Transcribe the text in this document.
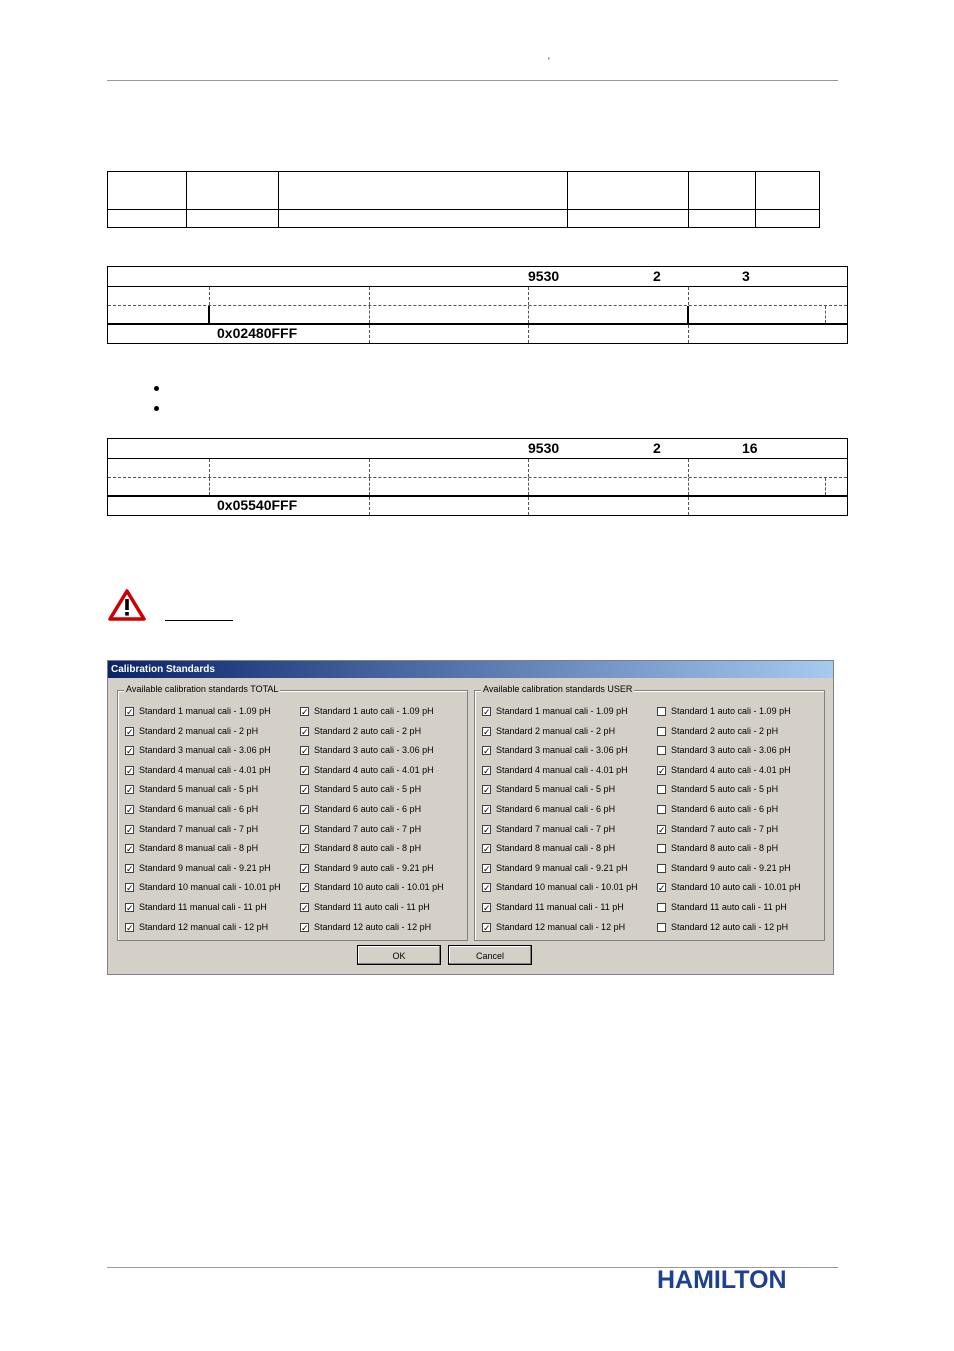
'

9530	2	3
0x02480FFF
9530	2	16
0x05540FFF
Calibration Standards
Available calibration standards TOTAL
✓ Standard 1 manual cali - 1.09 pH
✓ Standard 2 manual cali - 2 pH
✓ Standard 3 manual cali - 3.06 pH
✓ Standard 4 manual cali - 4.01 pH
✓ Standard 5 manual cali - 5 pH
✓ Standard 6 manual cali - 6 pH
✓ Standard 7 manual cali - 7 pH
✓ Standard 8 manual cali - 8 pH
✓ Standard 9 manual cali - 9.21 pH
✓ Standard 10 manual cali - 10.01 pH
✓ Standard 11 manual cali - 11 pH
✓ Standard 12 manual cali - 12 pH
✓ Standard 1 auto cali - 1.09 pH
✓ Standard 2 auto cali - 2 pH
✓ Standard 3 auto cali - 3.06 pH
✓ Standard 4 auto cali - 4.01 pH
✓ Standard 5 auto cali - 5 pH
✓ Standard 6 auto cali - 6 pH
✓ Standard 7 auto cali - 7 pH
✓ Standard 8 auto cali - 8 pH
✓ Standard 9 auto cali - 9.21 pH
✓ Standard 10 auto cali - 10.01 pH
✓ Standard 11 auto cali - 11 pH
✓ Standard 12 auto cali - 12 pH
Available calibration standards USER
✓ Standard 1 manual cali - 1.09 pH
✓ Standard 2 manual cali - 2 pH
✓ Standard 3 manual cali - 3.06 pH
✓ Standard 4 manual cali - 4.01 pH
✓ Standard 5 manual cali - 5 pH
✓ Standard 6 manual cali - 6 pH
✓ Standard 7 manual cali - 7 pH
✓ Standard 8 manual cali - 8 pH
✓ Standard 9 manual cali - 9.21 pH
✓ Standard 10 manual cali - 10.01 pH
✓ Standard 11 manual cali - 11 pH
✓ Standard 12 manual cali - 12 pH
Standard 1 auto cali - 1.09 pH
Standard 2 auto cali - 2 pH
Standard 3 auto cali - 3.06 pH
✓ Standard 4 auto cali - 4.01 pH
Standard 5 auto cali - 5 pH
Standard 6 auto cali - 6 pH
✓ Standard 7 auto cali - 7 pH
Standard 8 auto cali - 8 pH
Standard 9 auto cali - 9.21 pH
✓ Standard 10 auto cali - 10.01 pH
Standard 11 auto cali - 11 pH
Standard 12 auto cali - 12 pH
OK	Cancel
HAMILTON
